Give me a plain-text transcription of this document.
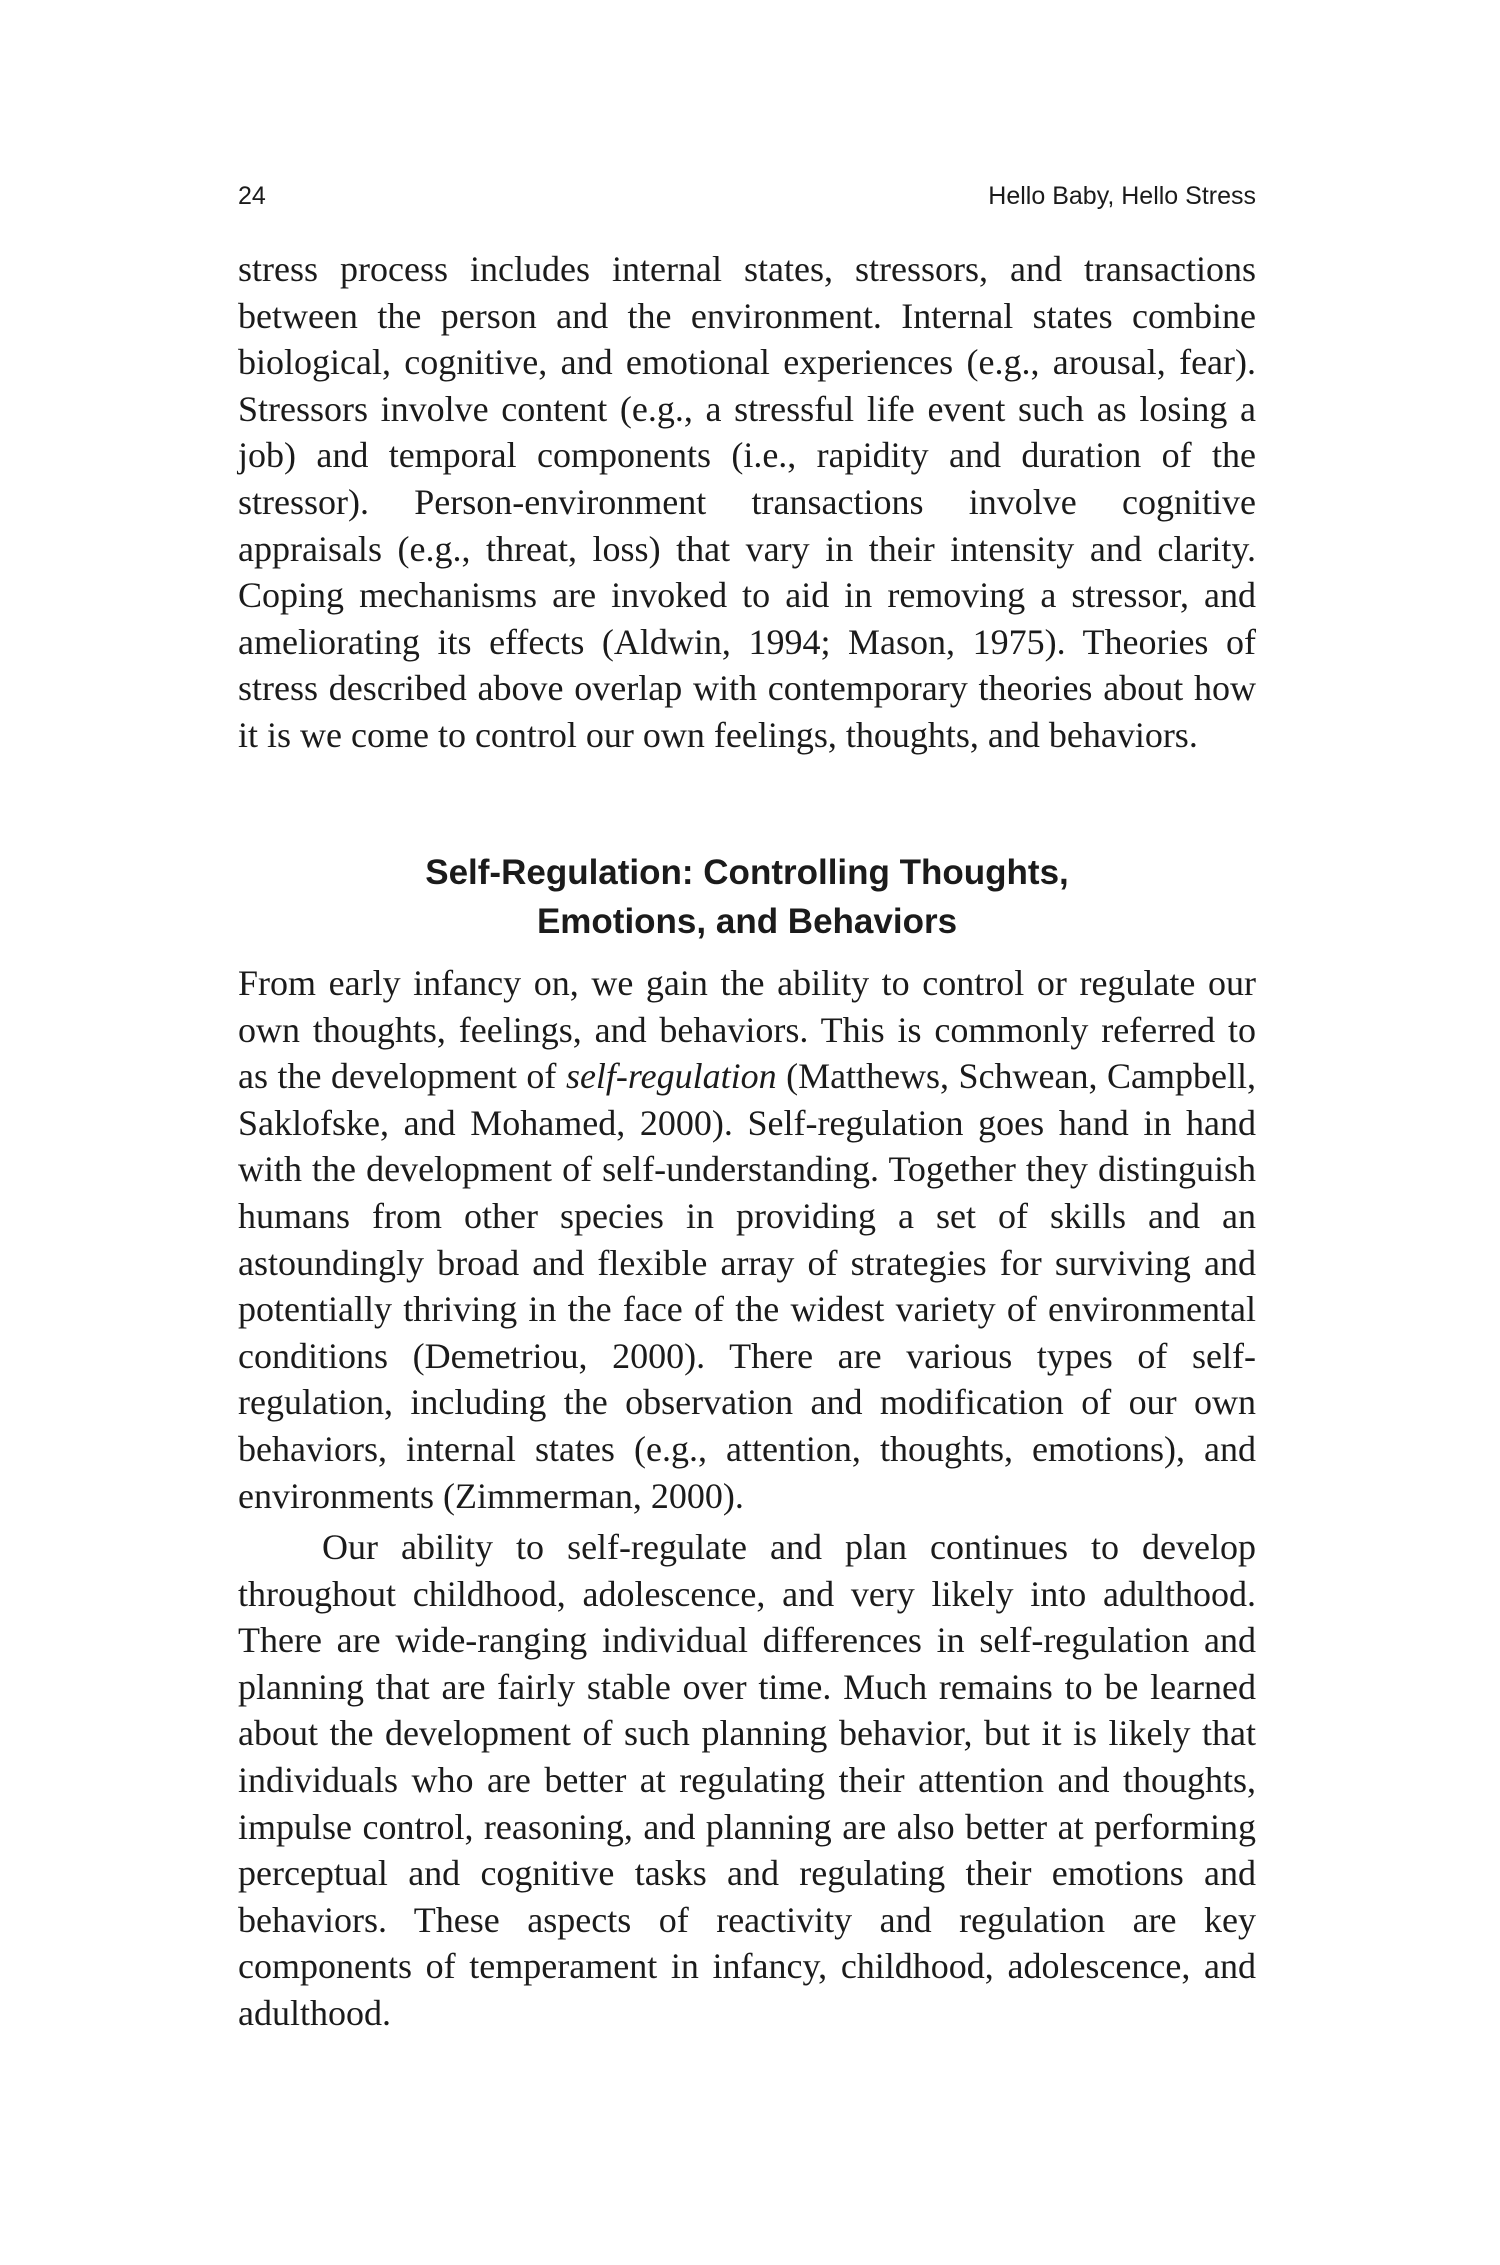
24	Hello Baby, Hello Stress

stress process includes internal states, stressors, and transactions between the person and the environment. Internal states combine biological, cognitive, and emotional experiences (e.g., arousal, fear). Stressors involve content (e.g., a stressful life event such as losing a job) and temporal components (i.e., rapidity and duration of the stressor). Person-environment transactions involve cognitive appraisals (e.g., threat, loss) that vary in their intensity and clarity. Coping mechanisms are invoked to aid in removing a stressor, and ameliorating its effects (Aldwin, 1994; Mason, 1975). Theories of stress described above overlap with contemporary theories about how it is we come to control our own feelings, thoughts, and behaviors.

Self-Regulation: Controlling Thoughts,
Emotions, and Behaviors

From early infancy on, we gain the ability to control or regulate our own thoughts, feelings, and behaviors. This is commonly referred to as the development of self-regulation (Matthews, Schwean, Campbell, Saklofske, and Mohamed, 2000). Self-regulation goes hand in hand with the development of self-understanding. Together they distinguish humans from other species in providing a set of skills and an astoundingly broad and flexible array of strategies for surviving and potentially thriving in the face of the widest variety of environmental conditions (Demetriou, 2000). There are various types of self-regulation, including the observation and modification of our own behaviors, internal states (e.g., attention, thoughts, emotions), and environments (Zimmerman, 2000).

Our ability to self-regulate and plan continues to develop throughout childhood, adolescence, and very likely into adulthood. There are wide-ranging individual differences in self-regulation and planning that are fairly stable over time. Much remains to be learned about the development of such planning behavior, but it is likely that individuals who are better at regulating their attention and thoughts, impulse control, reasoning, and planning are also better at performing perceptual and cognitive tasks and regulating their emotions and behaviors. These aspects of reactivity and regulation are key components of temperament in infancy, childhood, adolescence, and adulthood.
